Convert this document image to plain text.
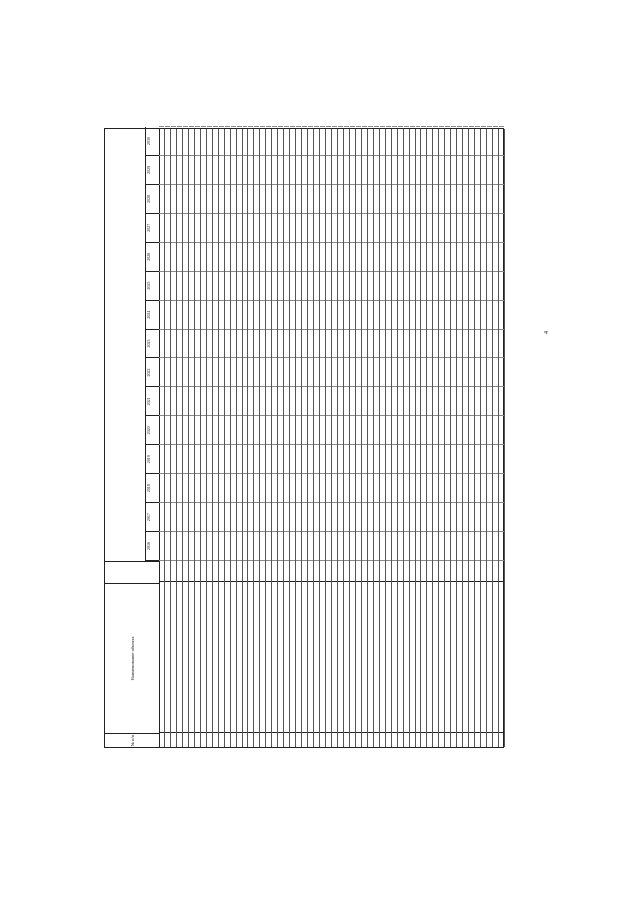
№ п/п
Наименование объекта
2016
2017
2018
2019
2020
2021
2022
2023
2024
2025
2026
2027
2028
2029
2030
4
